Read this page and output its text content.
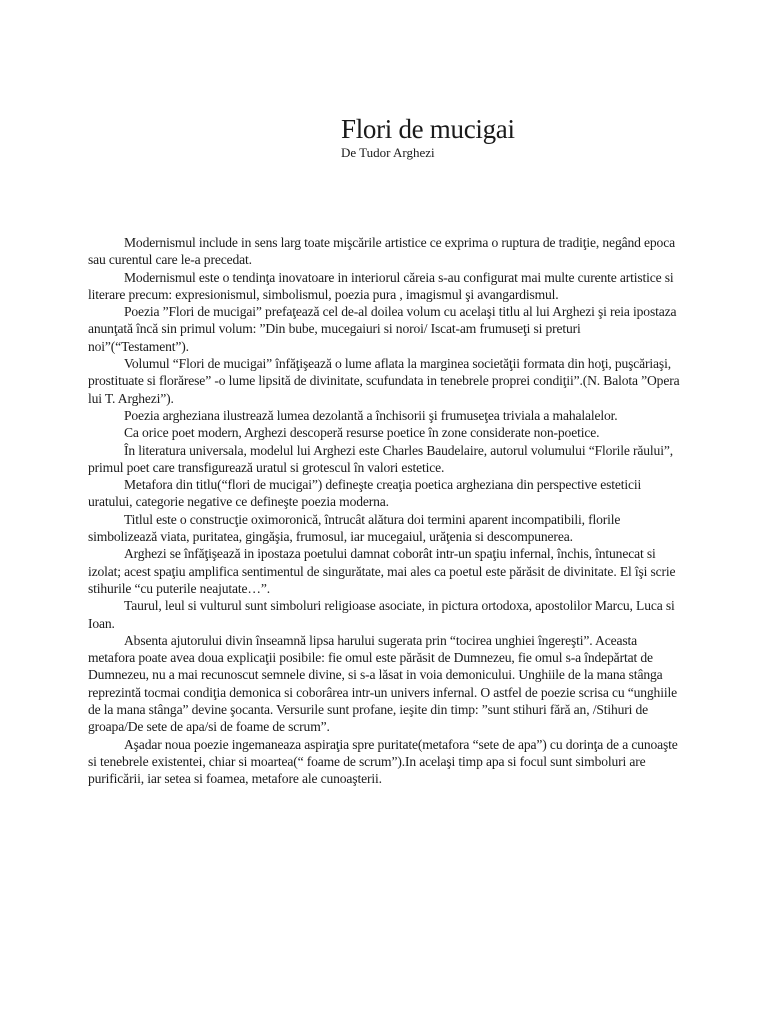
Flori de mucigai
De Tudor Arghezi

Modernismul include in sens larg toate mişcările artistice ce exprima o ruptura de tradiţie, negând epoca sau curentul care le-a precedat.

Modernismul este o tendinţa inovatoare in interiorul căreia s-au configurat mai multe curente artistice si literare precum: expresionismul, simbolismul, poezia pura , imagismul şi avangardismul.

Poezia ”Flori de mucigai” prefaţează cel de-al doilea volum cu acelaşi titlu al lui Arghezi şi reia ipostaza anunţată încă sin primul volum: ”Din bube, mucegaiuri si noroi/ Iscat-am frumuseţi si preturi noi”(“Testament”).

Volumul “Flori de mucigai” înfăţişează o lume aflata la marginea societăţii formata din hoţi, puşcăriaşi, prostituate si florărese” -o lume lipsită de divinitate, scufundata in tenebrele proprei condiţii”.(N. Balota ”Opera lui T. Arghezi”).

Poezia argheziana ilustrează lumea dezolantă a închisorii şi frumuseţea triviala a mahalalelor.

Ca orice poet modern, Arghezi descoperă resurse poetice în zone considerate non-poetice.

În literatura universala, modelul lui Arghezi este Charles Baudelaire, autorul volumului “Florile răului”, primul poet care transfigurează uratul si grotescul în valori estetice.

Metafora din titlu(“flori de mucigai”) defineşte creaţia poetica argheziana din perspective esteticii uratului, categorie negative ce defineşte poezia moderna.

Titlul este o construcţie oximoronică, întrucât alătura doi termini aparent incompatibili, florile simbolizează viata, puritatea, gingăşia, frumosul, iar mucegaiul, urăţenia si descompunerea.

Arghezi se înfăţişează in ipostaza poetului damnat coborât intr-un spaţiu infernal, închis, întunecat si izolat; acest spaţiu amplifica sentimentul de singurătate, mai ales ca poetul este părăsit de divinitate. El îşi scrie stihurile “cu puterile neajutate…”.

Taurul, leul si vulturul sunt simboluri religioase asociate, in pictura ortodoxa, apostolilor Marcu, Luca si Ioan.

Absenta ajutorului divin înseamnă lipsa harului sugerata prin “tocirea unghiei îngereşti”. Aceasta metafora poate avea doua explicaţii posibile: fie omul este părăsit de Dumnezeu, fie omul s-a îndepărtat de Dumnezeu, nu a mai recunoscut semnele divine, si s-a lăsat in voia demonicului. Unghiile de la mana stânga reprezintă tocmai condiţia demonica si coborârea intr-un univers infernal. O astfel de poezie scrisa cu “unghiile de la mana stânga” devine şocanta. Versurile sunt profane, ieşite din timp: ”sunt stihuri fără an, /Stihuri de groapa/De sete de apa/si de foame de scrum”.

Aşadar noua poezie ingemaneaza aspiraţia spre puritate(metafora “sete de apa”) cu dorinţa de a cunoaşte si tenebrele existentei, chiar si moartea(“ foame de scrum”).In acelaşi timp apa si focul sunt simboluri are purificării, iar setea si foamea, metafore ale cunoaşterii.
